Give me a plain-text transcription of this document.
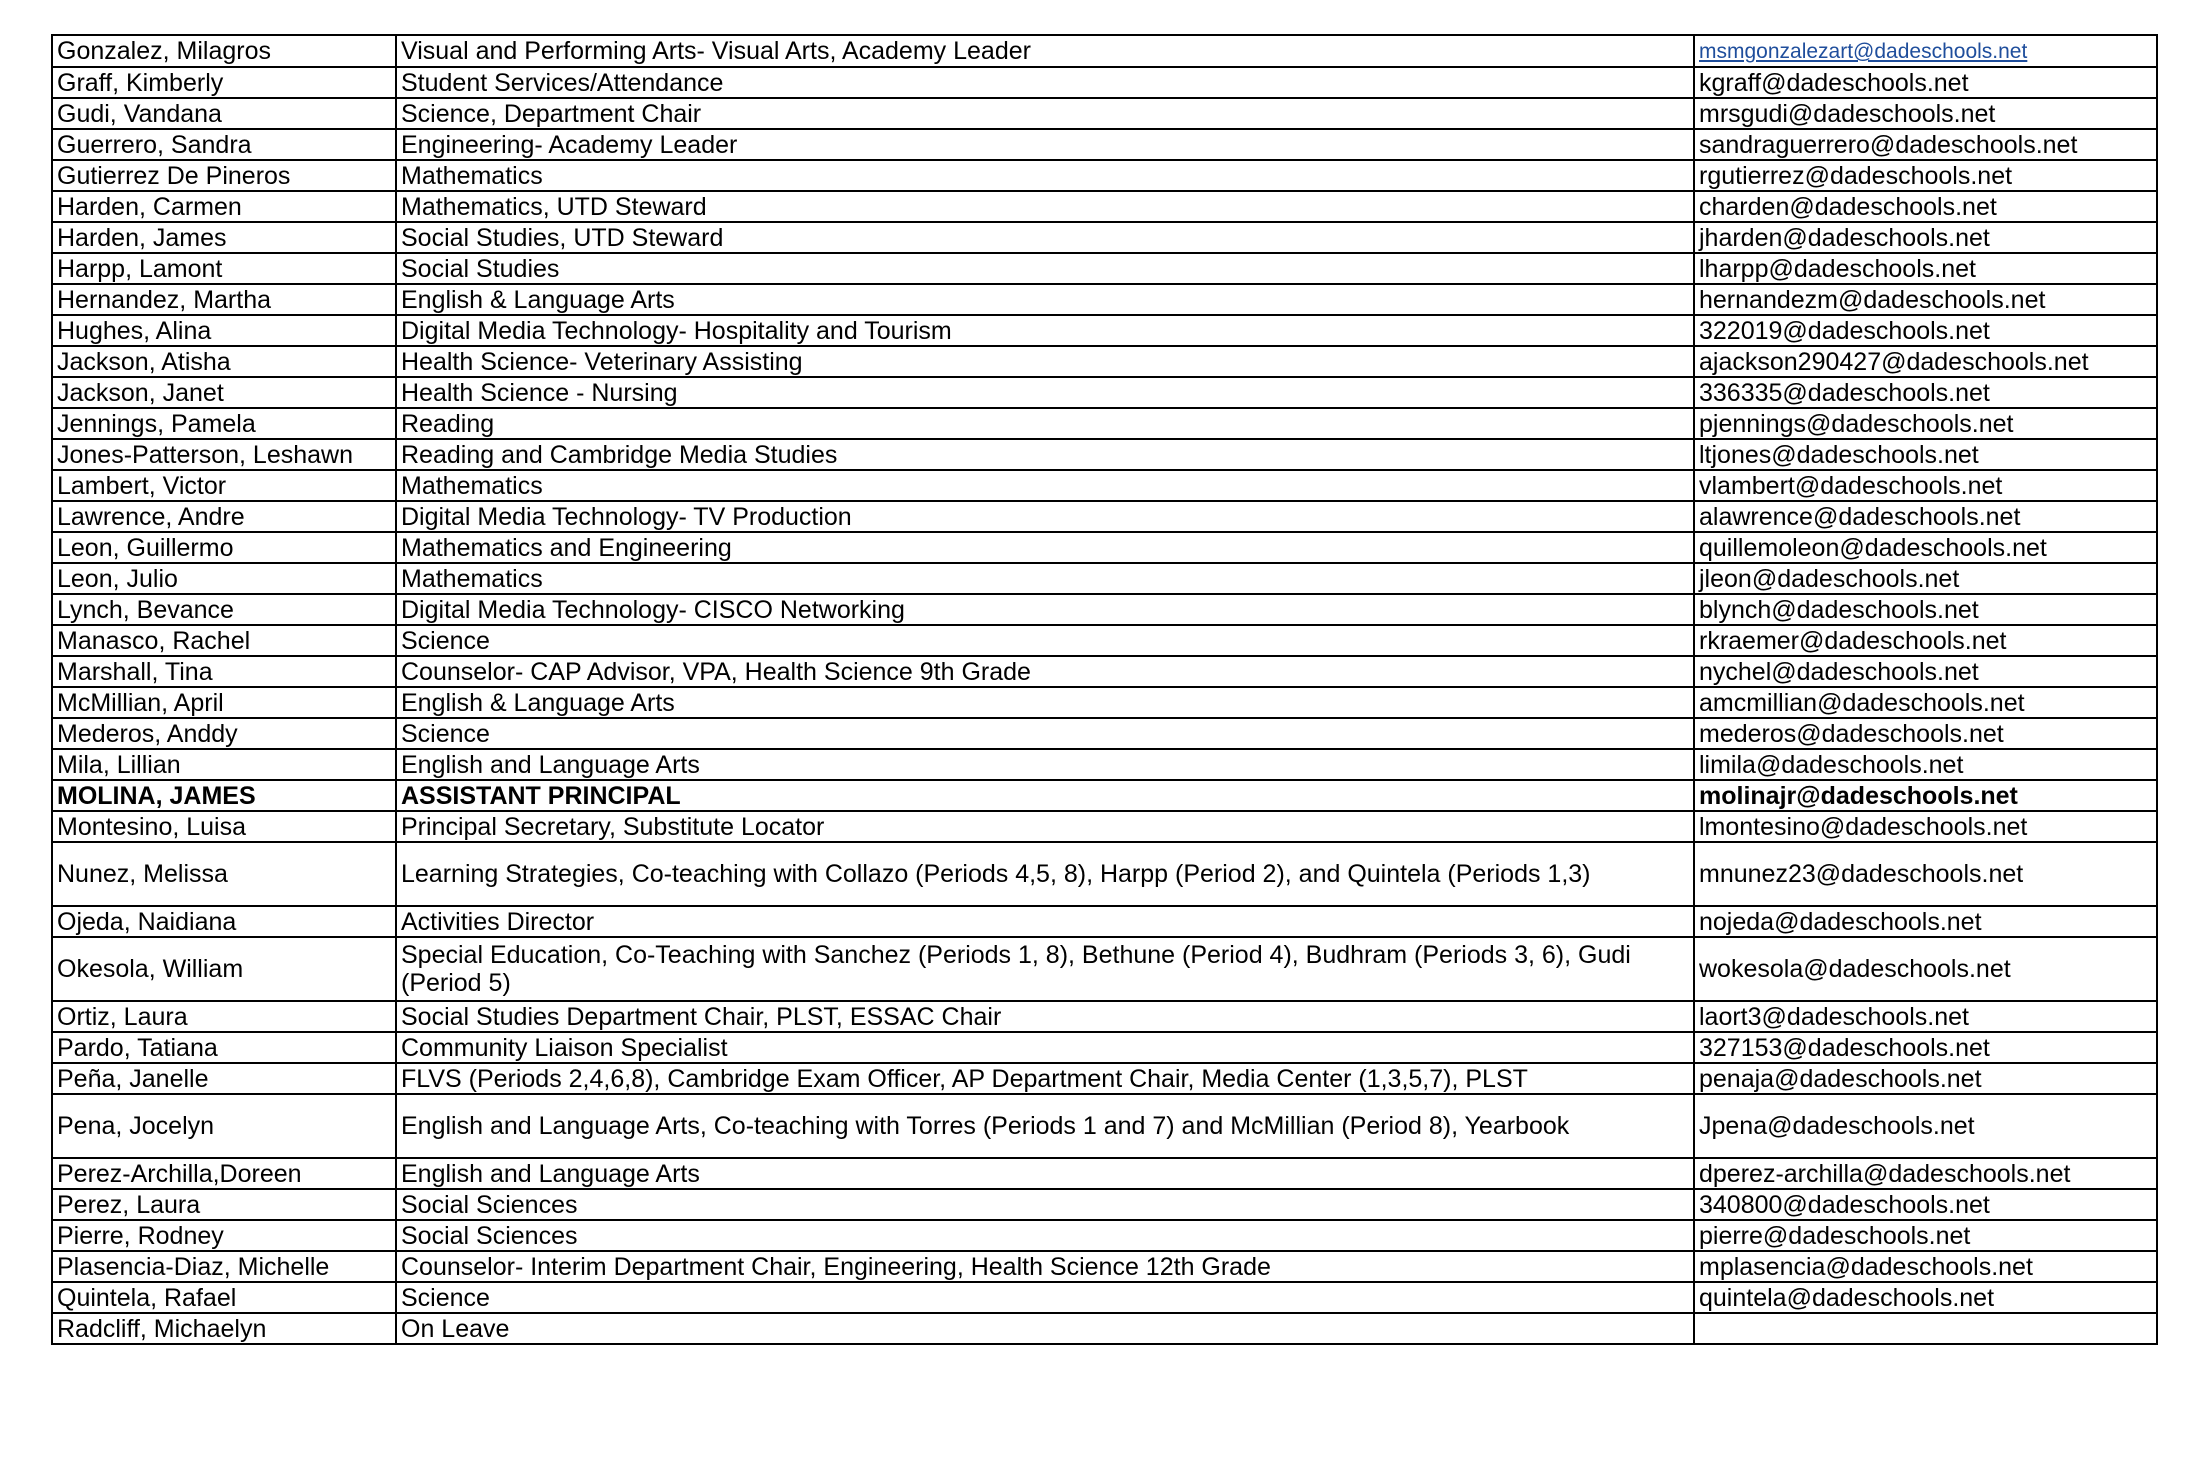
Gonzalez, Milagros	Visual and Performing Arts- Visual Arts, Academy Leader	msmgonzalezart@dadeschools.net
Graff, Kimberly	Student Services/Attendance	kgraff@dadeschools.net
Gudi, Vandana	Science, Department Chair	mrsgudi@dadeschools.net
Guerrero, Sandra	Engineering- Academy Leader	sandraguerrero@dadeschools.net
Gutierrez De Pineros	Mathematics	rgutierrez@dadeschools.net
Harden, Carmen	Mathematics, UTD Steward	charden@dadeschools.net
Harden, James	Social Studies, UTD Steward	jharden@dadeschools.net
Harpp, Lamont	Social Studies	lharpp@dadeschools.net
Hernandez, Martha	English & Language Arts	hernandezm@dadeschools.net
Hughes, Alina	Digital Media Technology- Hospitality and Tourism	322019@dadeschools.net
Jackson, Atisha	Health Science- Veterinary Assisting	ajackson290427@dadeschools.net
Jackson, Janet	Health Science - Nursing	336335@dadeschools.net
Jennings, Pamela	Reading	pjennings@dadeschools.net
Jones-Patterson, Leshawn	Reading and Cambridge Media Studies	ltjones@dadeschools.net
Lambert, Victor	Mathematics	vlambert@dadeschools.net
Lawrence, Andre	Digital Media Technology- TV Production	alawrence@dadeschools.net
Leon, Guillermo	Mathematics and Engineering	quillemoleon@dadeschools.net
Leon, Julio	Mathematics	jleon@dadeschools.net
Lynch, Bevance	Digital Media Technology- CISCO Networking	blynch@dadeschools.net
Manasco, Rachel	Science	rkraemer@dadeschools.net
Marshall, Tina	Counselor- CAP Advisor, VPA, Health Science 9th Grade	nychel@dadeschools.net
McMillian, April	English & Language Arts	amcmillian@dadeschools.net
Mederos, Anddy	Science	mederos@dadeschools.net
Mila, Lillian	English and Language Arts	limila@dadeschools.net
MOLINA, JAMES	ASSISTANT PRINCIPAL	molinajr@dadeschools.net
Montesino, Luisa	Principal Secretary, Substitute Locator	lmontesino@dadeschools.net
Nunez, Melissa	Learning Strategies, Co-teaching with Collazo (Periods 4,5, 8), Harpp (Period 2), and Quintela (Periods 1,3)	mnunez23@dadeschools.net
Ojeda, Naidiana	Activities Director	nojeda@dadeschools.net
Okesola, William	Special Education, Co-Teaching with Sanchez (Periods 1, 8), Bethune (Period 4), Budhram (Periods 3, 6), Gudi (Period 5)	wokesola@dadeschools.net
Ortiz, Laura	Social Studies Department Chair, PLST, ESSAC Chair	laort3@dadeschools.net
Pardo, Tatiana	Community Liaison Specialist	327153@dadeschools.net
Peña, Janelle	FLVS (Periods 2,4,6,8), Cambridge Exam Officer, AP Department Chair, Media Center (1,3,5,7), PLST	penaja@dadeschools.net
Pena, Jocelyn	English and Language Arts, Co-teaching with Torres (Periods 1 and 7) and McMillian (Period 8), Yearbook	Jpena@dadeschools.net
Perez-Archilla,Doreen	English and Language Arts	dperez-archilla@dadeschools.net
Perez, Laura	Social Sciences	340800@dadeschools.net
Pierre, Rodney	Social Sciences	pierre@dadeschools.net
Plasencia-Diaz, Michelle	Counselor- Interim Department Chair, Engineering, Health Science 12th Grade	mplasencia@dadeschools.net
Quintela, Rafael	Science	quintela@dadeschools.net
Radcliff, Michaelyn	On Leave	
